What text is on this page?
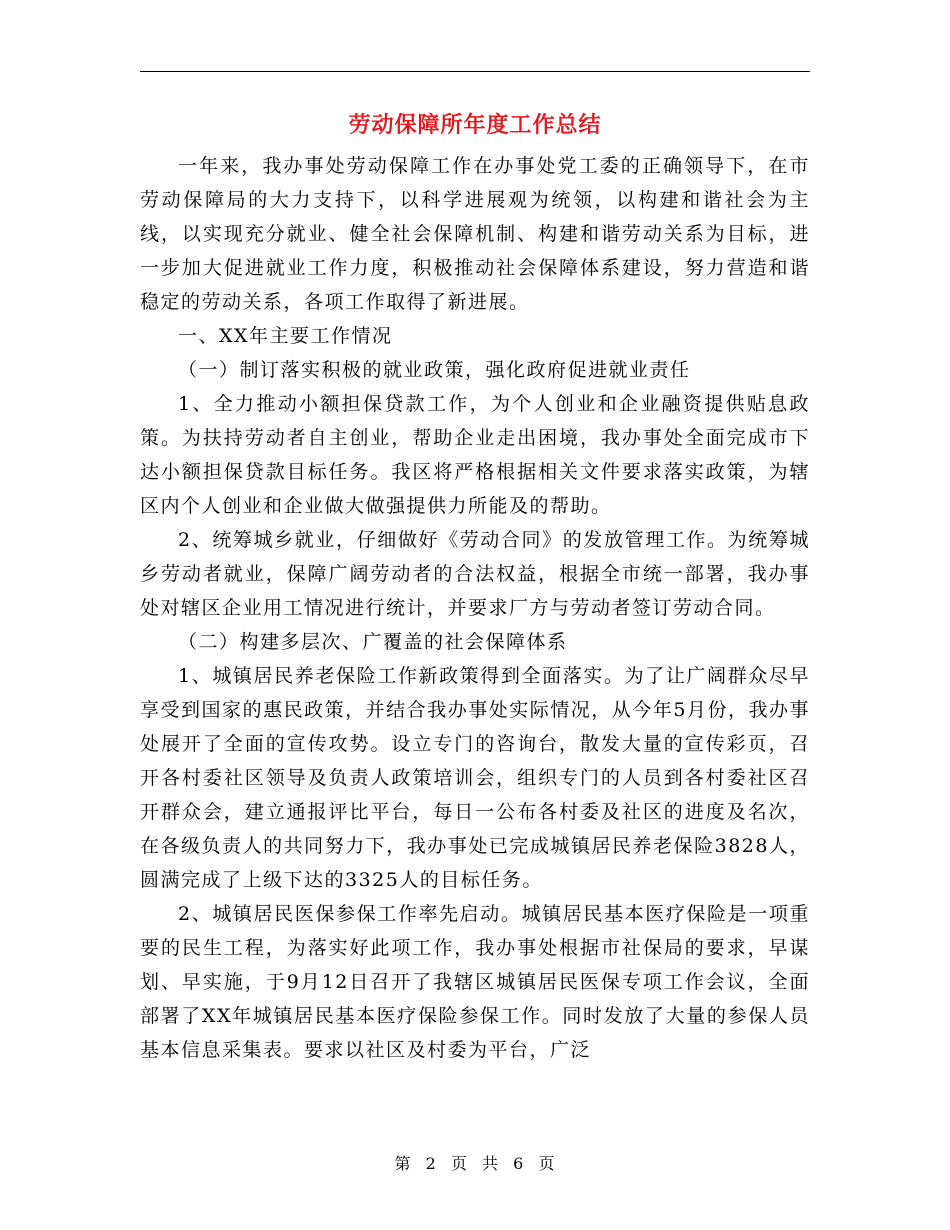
劳动保障所年度工作总结

一年来，我办事处劳动保障工作在办事处党工委的正确领导下，在市劳动保障局的大力支持下，以科学进展观为统领，以构建和谐社会为主线，以实现充分就业、健全社会保障机制、构建和谐劳动关系为目标，进一步加大促进就业工作力度，积极推动社会保障体系建设，努力营造和谐稳定的劳动关系，各项工作取得了新进展。

一、XX年主要工作情况

（一）制订落实积极的就业政策，强化政府促进就业责任

1、全力推动小额担保贷款工作，为个人创业和企业融资提供贴息政策。为扶持劳动者自主创业，帮助企业走出困境，我办事处全面完成市下达小额担保贷款目标任务。我区将严格根据相关文件要求落实政策，为辖区内个人创业和企业做大做强提供力所能及的帮助。

2、统筹城乡就业，仔细做好《劳动合同》的发放管理工作。为统筹城乡劳动者就业，保障广阔劳动者的合法权益，根据全市统一部署，我办事处对辖区企业用工情况进行统计，并要求厂方与劳动者签订劳动合同。

（二）构建多层次、广覆盖的社会保障体系

1、城镇居民养老保险工作新政策得到全面落实。为了让广阔群众尽早享受到国家的惠民政策，并结合我办事处实际情况，从今年5月份，我办事处展开了全面的宣传攻势。设立专门的咨询台，散发大量的宣传彩页，召开各村委社区领导及负责人政策培训会，组织专门的人员到各村委社区召开群众会，建立通报评比平台，每日一公布各村委及社区的进度及名次，在各级负责人的共同努力下，我办事处已完成城镇居民养老保险3828人，圆满完成了上级下达的3325人的目标任务。

2、城镇居民医保参保工作率先启动。城镇居民基本医疗保险是一项重要的民生工程，为落实好此项工作，我办事处根据市社保局的要求，早谋划、早实施，于9月12日召开了我辖区城镇居民医保专项工作会议，全面部署了XX年城镇居民基本医疗保险参保工作。同时发放了大量的参保人员基本信息采集表。要求以社区及村委为平台，广泛

第 2 页 共 6 页
